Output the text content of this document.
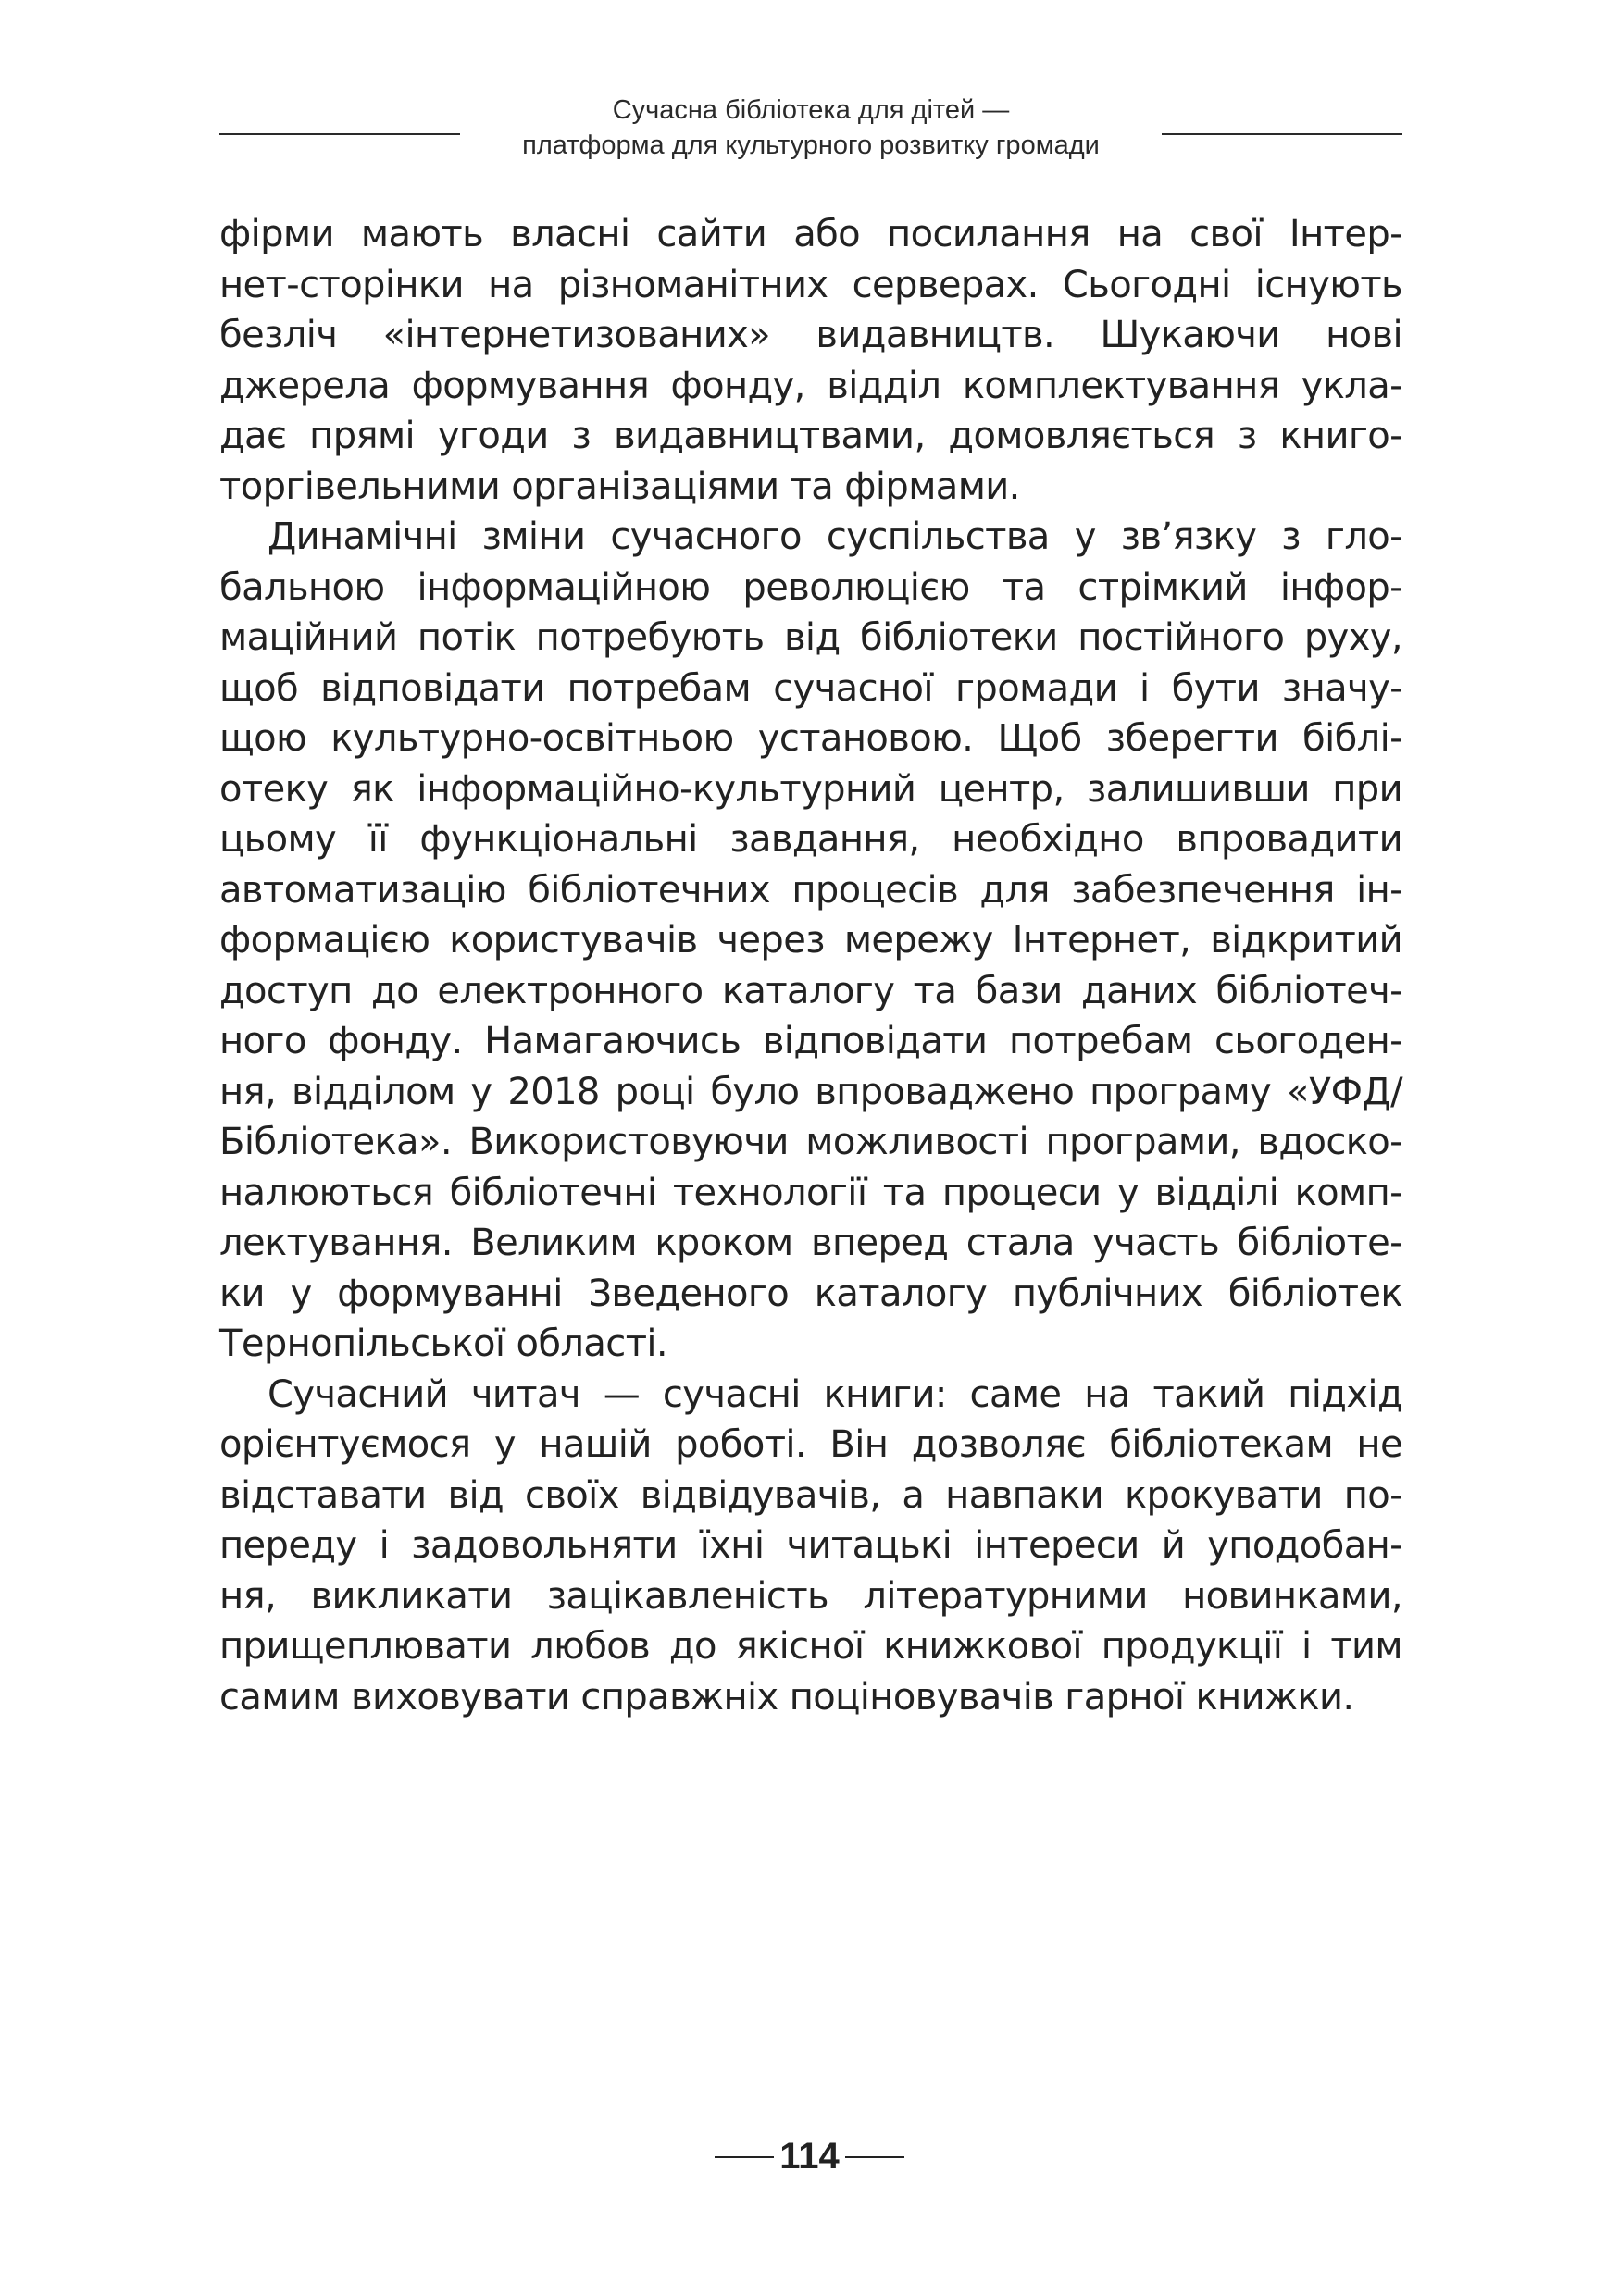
Сучасна бібліотека для дітей —
платформа для культурного розвитку громади

фірми мають власні сайти або посилання на свої Інтер-
нет-сторінки на різноманітних серверах. Сьогодні існують
безліч «інтернетизованих» видавництв. Шукаючи нові
джерела формування фонду, відділ комплектування укла-
дає прямі угоди з видавництвами, домовляється з книго-
торгівельними організаціями та фірмами.

Динамічні зміни сучасного суспільства у зв’язку з гло-
бальною інформаційною революцією та стрімкий інфор-
маційний потік потребують від бібліотеки постійного руху,
щоб відповідати потребам сучасної громади і бути значу-
щою культурно-освітньою установою. Щоб зберегти біблі-
отеку як інформаційно-культурний центр, залишивши при
цьому її функціональні завдання, необхідно впровадити
автоматизацію бібліотечних процесів для забезпечення ін-
формацією користувачів через мережу Інтернет, відкритий
доступ до електронного каталогу та бази даних бібліотеч-
ного фонду. Намагаючись відповідати потребам сьогоден-
ня, відділом у 2018 році було впроваджено програму «УФД/
Бібліотека». Використовуючи можливості програми, вдоско-
налюються бібліотечні технології та процеси у відділі комп-
лектування. Великим кроком вперед стала участь бібліоте-
ки у формуванні Зведеного каталогу публічних бібліотек
Тернопільської області.

Сучасний читач — сучасні книги: саме на такий підхід
орієнтуємося у нашій роботі. Він дозволяє бібліотекам не
відставати від своїх відвідувачів, а навпаки крокувати по-
переду і задовольняти їхні читацькі інтереси й уподобан-
ня, викликати зацікавленість літературними новинками,
прищеплювати любов до якісної книжкової продукції і тим
самим виховувати справжніх поціновувачів гарної книжки.

114
